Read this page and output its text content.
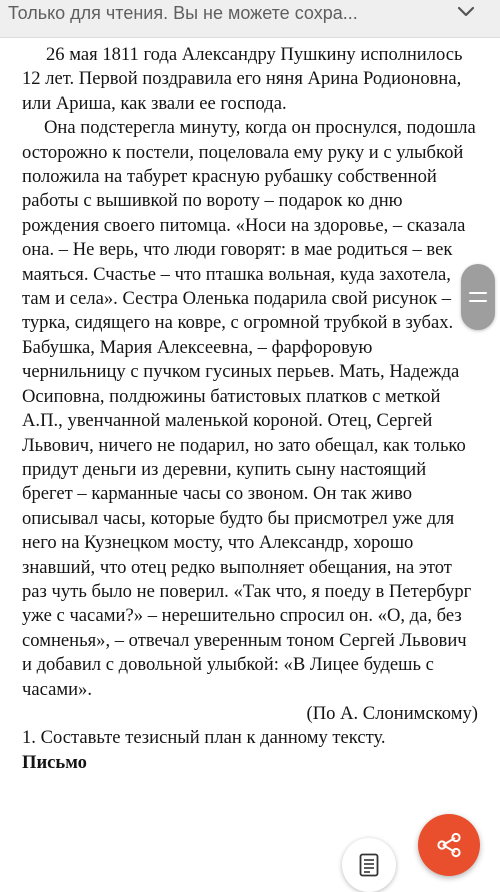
Только для чтения. Вы не можете сохра...

26 мая 1811 года Александру Пушкину исполнилось 12 лет. Первой поздравила его няня Арина Родионовна, или Ариша, как звали ее господа.

Она подстерегла минуту, когда он проснулся, подошла осторожно к постели, поцеловала ему руку и с улыбкой положила на табурет красную рубашку собственной работы с вышивкой по вороту – подарок ко дню рождения своего питомца. «Носи на здоровье, – сказала она. – Не верь, что люди говорят: в мае родиться – век маяться. Счастье – что пташка вольная, куда захотела, там и села». Сестра Оленька подарила свой рисунок – турка, сидящего на ковре, с огромной трубкой в зубах. Бабушка, Мария Алексеевна, – фарфоровую чернильницу с пучком гусиных перьев. Мать, Надежда Осиповна, полдюжины батистовых платков с меткой А.П., увенчанной маленькой короной. Отец, Сергей Львович, ничего не подарил, но зато обещал, как только придут деньги из деревни, купить сыну настоящий брегет – карманные часы со звоном. Он так живо описывал часы, которые будто бы присмотрел уже для него на Кузнецком мосту, что Александр, хорошо знавший, что отец редко выполняет обещания, на этот раз чуть было не поверил. «Так что, я поеду в Петербург уже с часами?» – нерешительно спросил он. «О, да, без сомненья», – отвечал уверенным тоном Сергей Львович и добавил с довольной улыбкой: «В Лицее будешь с часами».

(По А. Слонимскому)
1. Составьте тезисный план к данному тексту.
Письмо
